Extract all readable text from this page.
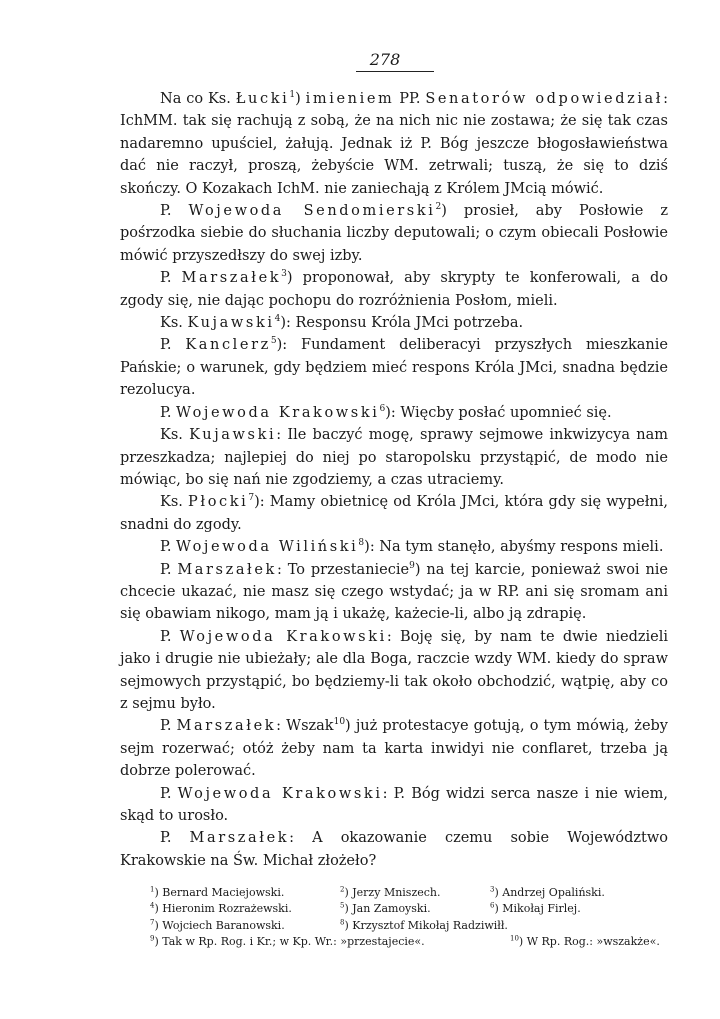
278

Na co Ks. Łucki$^1$) imieniem PP. Senatorów odpowiedział: IchMM. tak się rachują z sobą, że na nich nic nie zostawa; że się tak czas nadaremno upuściel, żałują. Jednak iż P. Bóg jeszcze błogosławieństwa dać nie raczył, proszą, żebyście WM. zetrwali; tuszą, że się to dziś skończy. O Kozakach IchM. nie zaniechają z Królem JMcią mówić.

P. Wojewoda Sendomierski$^2$) prosieł, aby Posłowie z pośrzodka siebie do słuchania liczby deputowali; o czym obiecali Posłowie mówić przyszedłszy do swej izby.

P. Marszałek$^3$) proponował, aby skrypty te konferowali, a do zgody się, nie dając pochopu do rozróżnienia Posłom, mieli.

Ks. Kujawski$^4$): Responsu Króla JMci potrzeba.

P. Kanclerz$^5$): Fundament deliberacyi przyszłych mieszkanie Pańskie; o warunek, gdy będziem mieć respons Króla JMci, snadna będzie rezolucya.

P. Wojewoda Krakowski$^6$): Więcby posłać upomnieć się.

Ks. Kujawski: Ile baczyć mogę, sprawy sejmowe inkwizycya nam przeszkadza; najlepiej do niej po staropolsku przystąpić, de modo nie mówiąc, bo się nań nie zgodziemy, a czas utraciemy.

Ks. Płocki$^7$): Mamy obietnicę od Króla JMci, która gdy się wypełni, snadni do zgody.

P. Wojewoda Wiliński$^8$): Na tym stanęło, abyśmy respons mieli.

P. Marszałek: To przestaniecie$^9$) na tej karcie, ponieważ swoi nie chcecie ukazać, nie masz się czego wstydać; ja w RP. ani się sromam ani się obawiam nikogo, mam ją i ukażę, każecie-li, albo ją zdrapię.

P. Wojewoda Krakowski: Boję się, by nam te dwie niedzieli jako i drugie nie ubieżały; ale dla Boga, raczcie wzdy WM. kiedy do spraw sejmowych przystąpić, bo będziemy-li tak około obchodzić, wątpię, aby co z sejmu było.

P. Marszałek: Wszak$^{10}$) już protestacye gotują, o tym mówią, żeby sejm rozerwać; otóż żeby nam ta karta inwidyi nie conflaret, trzeba ją dobrze polerować.

P. Wojewoda Krakowski: P. Bóg widzi serca nasze i nie wiem, skąd to urosło.

P. Marszałek: A okazowanie czemu sobie Województwo Krakowskie na Św. Michał złożeło?

$^1$) Bernard Maciejowski.	$^2$) Jerzy Mniszech.	$^3$) Andrzej Opaliński.
$^4$) Hieronim Rozrażewski.	$^5$) Jan Zamoyski.	$^6$) Mikołaj Firlej.
$^7$) Wojciech Baranowski.	$^8$) Krzysztof Mikołaj Radziwiłł.
$^9$) Tak w Rp. Rog. i Kr.; w Kp. Wr.: »przestajecie«.	$^{10}$) W Rp. Rog.: »wszakże«.
